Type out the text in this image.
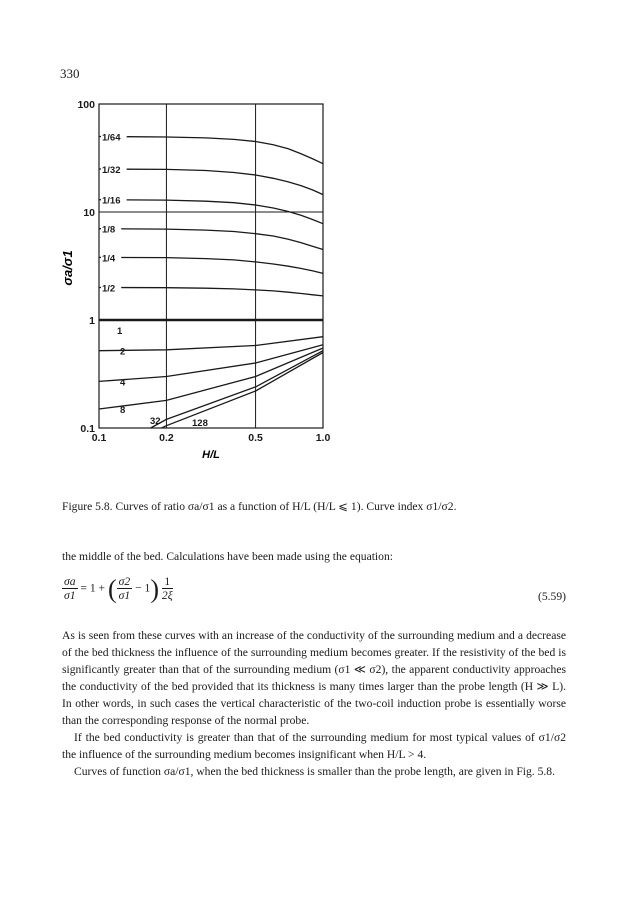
330
1/64
1/32
1/16
1/8
1/4
1/2
1
2
4
8
32	128
0.1	0.2	0.5	1.0
0.1
1
10
100
σa/σ1
H/L
Figure 5.8. Curves of ratio σa/σ1 as a function of H/L (H/L ⩽ 1). Curve index σ1/σ2.

the middle of the bed. Calculations have been made using the equation:

$\frac{\sigma a}{\sigma 1} = 1$ + ( $\frac{\sigma 2}{\sigma 1} - 1) \frac{1}{2\xi}$	(5.59)

As is seen from these curves with an increase of the conductivity of the surrounding medium and a decrease of the bed thickness the influence of the surrounding medium becomes greater. If the resistivity of the bed is significantly greater than that of the surrounding medium (σ1 ≪ σ2), the apparent conductivity approaches the conductivity of the bed provided that its thickness is many times larger than the probe length (H ≫ L). In other words, in such cases the vertical characteristic of the two-coil induction probe is essentially worse than the corresponding response of the normal probe.

If the bed conductivity is greater than that of the surrounding medium for most typical values of σ1/σ2 the influence of the surrounding medium becomes insignificant when H/L > 4.

Curves of function σa/σ1, when the bed thickness is smaller than the probe length, are given in Fig. 5.8.
